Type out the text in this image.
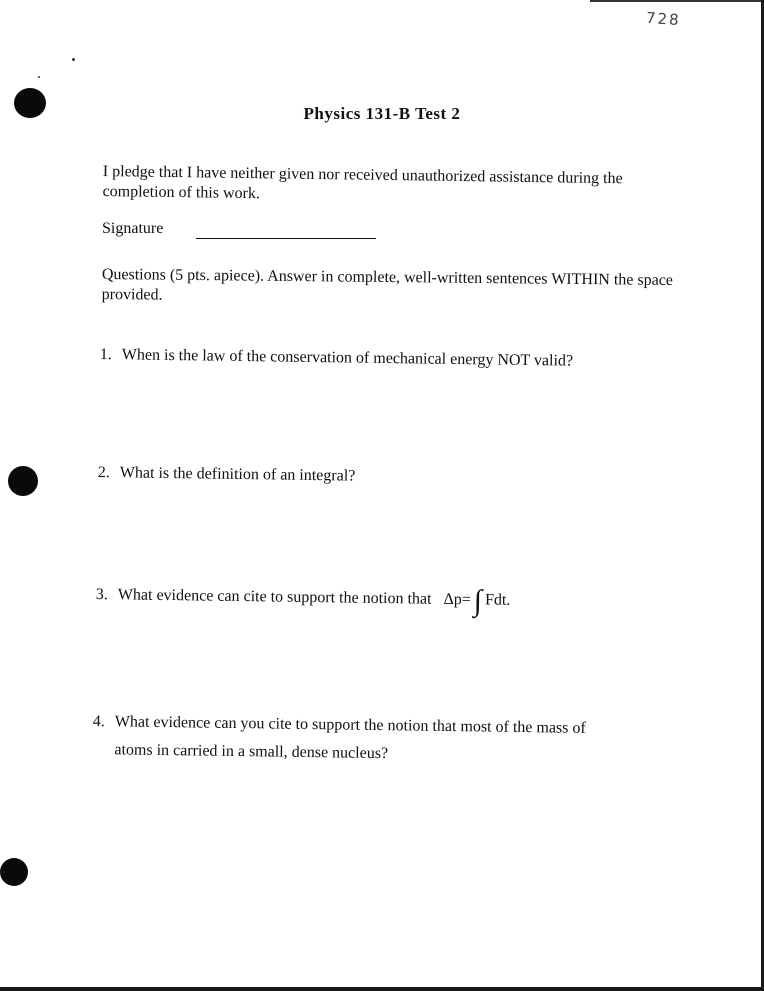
728
Physics 131-B Test 2
I pledge that I have neither given nor received unauthorized assistance during the completion of this work.
Signature
Questions (5 pts. apiece). Answer in complete, well-written sentences WITHIN the space provided.
1. When is the law of the conservation of mechanical energy NOT valid?
2. What is the definition of an integral?
3. What evidence can cite to support the notion that Δp=∫ Fdt.
4. What evidence can you cite to support the notion that most of the mass of
atoms in carried in a small, dense nucleus?
